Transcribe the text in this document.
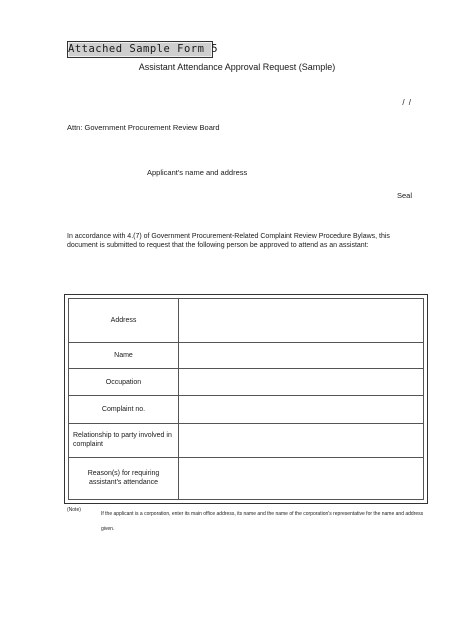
Attached Sample Form 5
Assistant Attendance Approval Request (Sample)
/ /
Attn: Government Procurement Review Board
Applicant's name and address
Seal
In accordance with 4.(7) of Government Procurement-Related Complaint Review Procedure Bylaws, this document is submitted to request that the following person be approved to attend as an assistant:
Address	
Name	
Occupation	
Complaint no.	
Relationship to party involved in complaint	
Reason(s) for requiring assistant's attendance	
(Note)
If the applicant is a corporation, enter its main office address, its name and the name of the corporation's representative for the name and address given.
